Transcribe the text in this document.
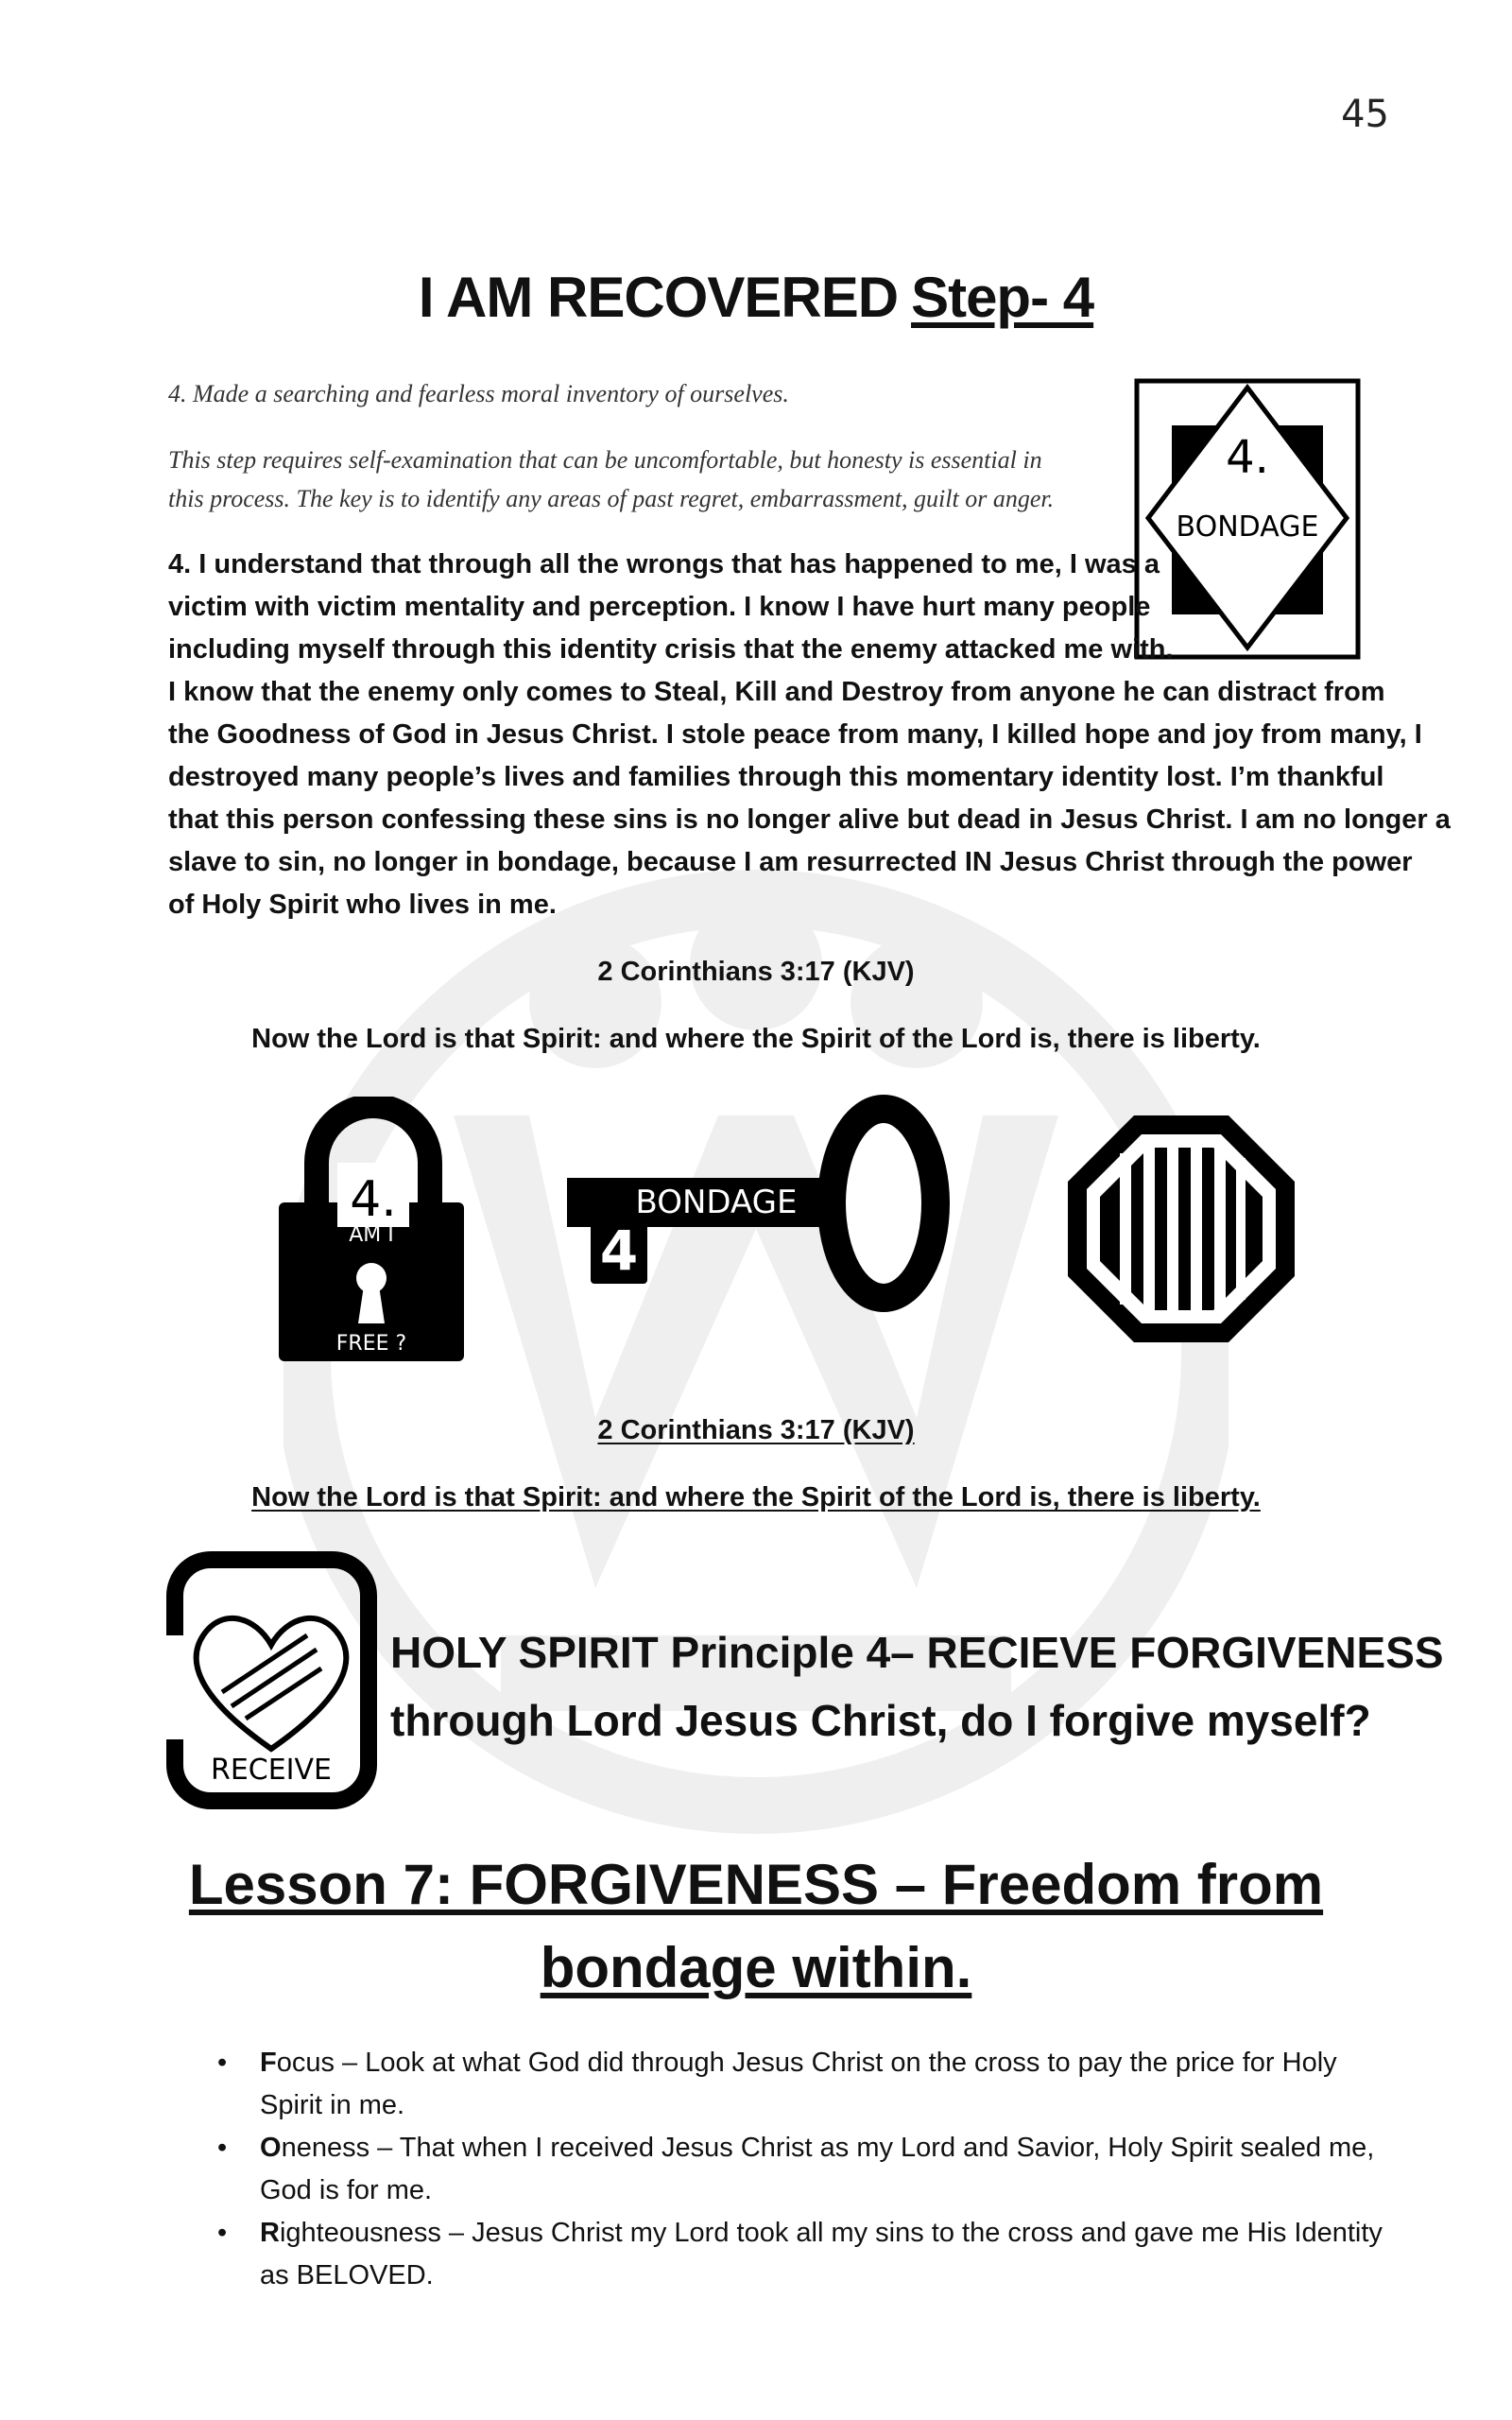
45
I AM RECOVERED Step- 4
4. Made a searching and fearless moral inventory of ourselves.
This step requires self-examination that can be uncomfortable, but honesty is essential in
this process. The key is to identify any areas of past regret, embarrassment, guilt or anger.
4.
BONDAGE
4. I understand that through all the wrongs that has happened to me, I was a
victim with victim mentality and perception. I know I have hurt many people
including myself through this identity crisis that the enemy attacked me with.
I know that the enemy only comes to Steal, Kill and Destroy from anyone he can distract from
the Goodness of God in Jesus Christ. I stole peace from many, I killed hope and joy from many, I
destroyed many people’s lives and families through this momentary identity lost. I’m thankful
that this person confessing these sins is no longer alive but dead in Jesus Christ. I am no longer a
slave to sin, no longer in bondage, because I am resurrected IN Jesus Christ through the power
of Holy Spirit who lives in me.
2 Corinthians 3:17 (KJV)
Now the Lord is that Spirit: and where the Spirit of the Lord is, there is liberty.
4.
AM I
FREE ?
BONDAGE
4
2 Corinthians 3:17 (KJV)
Now the Lord is that Spirit: and where the Spirit of the Lord is, there is liberty.
RECEIVE
HOLY SPIRIT Principle 4– RECIEVE FORGIVENESS
through Lord Jesus Christ, do I forgive myself?
Lesson 7: FORGIVENESS – Freedom from
bondage within.
• Focus – Look at what God did through Jesus Christ on the cross to pay the price for Holy
Spirit in me.
• Oneness – That when I received Jesus Christ as my Lord and Savior, Holy Spirit sealed me,
God is for me.
• Righteousness – Jesus Christ my Lord took all my sins to the cross and gave me His Identity
as BELOVED.
